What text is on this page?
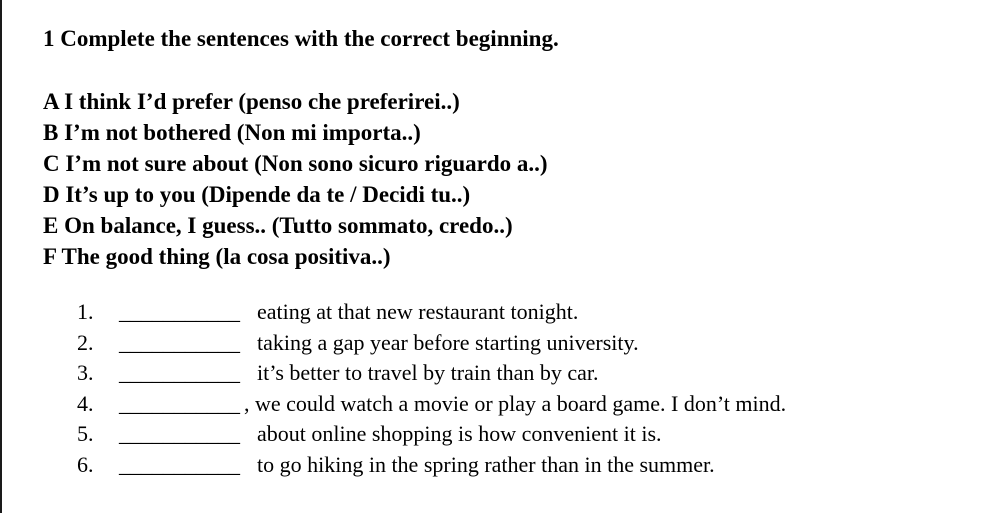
1 Complete the sentences with the correct beginning.
A I think I’d prefer (penso che preferirei..)
B I’m not bothered (Non mi importa..)
C I’m not sure about (Non sono sicuro riguardo a..)
D It’s up to you (Dipende da te / Decidi tu..)
E On balance, I guess.. (Tutto sommato, credo..)
F The good thing (la cosa positiva..)
1. ___________ eating at that new restaurant tonight.
2. ___________ taking a gap year before starting university.
3. ___________ it’s better to travel by train than by car.
4. ___________ , we could watch a movie or play a board game. I don’t mind.
5. ___________ about online shopping is how convenient it is.
6. ___________ to go hiking in the spring rather than in the summer.
